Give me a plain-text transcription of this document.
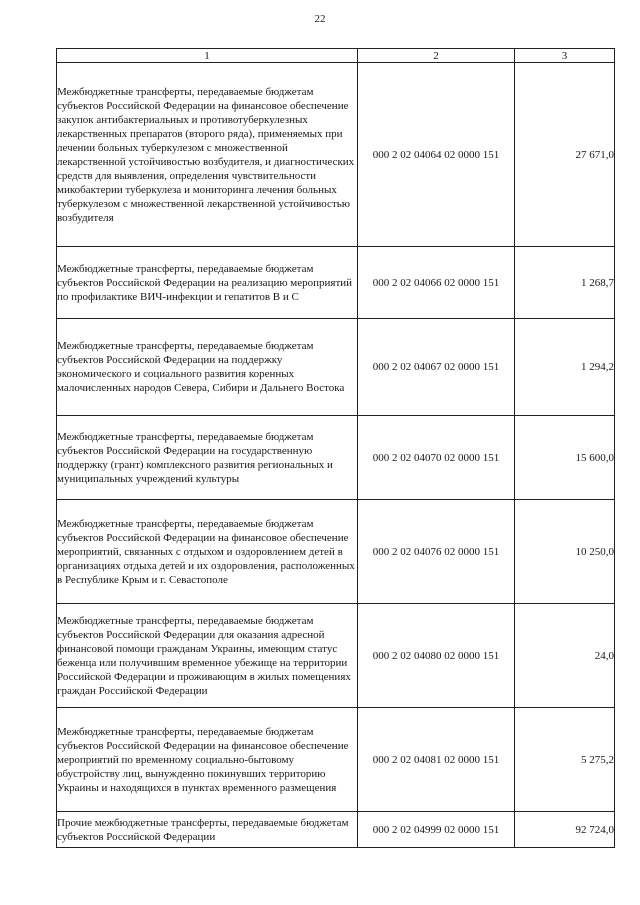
22
1	2	3
Межбюджетные трансферты, передаваемые бюджетам субъектов Российской Федерации на финансовое обеспечение закупок антибактериальных и противотуберкулезных лекарственных препаратов (второго ряда), применяемых при лечении больных туберкулезом с множественной лекарственной устойчивостью возбудителя, и диагностических средств для выявления, определения чувствительности микобактерии туберкулеза и мониторинга лечения больных туберкулезом с множественной лекарственной устойчивостью возбудителя	000 2 02 04064 02 0000 151	27 671,0
Межбюджетные трансферты, передаваемые бюджетам субъектов Российской Федерации на реализацию мероприятий по профилактике ВИЧ-инфекции и гепатитов В и С	000 2 02 04066 02 0000 151	1 268,7
Межбюджетные трансферты, передаваемые бюджетам субъектов Российской Федерации на поддержку экономического и социального развития коренных малочисленных народов Севера, Сибири и Дальнего Востока	000 2 02 04067 02 0000 151	1 294,2
Межбюджетные трансферты, передаваемые бюджетам субъектов Российской Федерации на государственную поддержку (грант) комплексного развития региональных и муниципальных учреждений культуры	000 2 02 04070 02 0000 151	15 600,0
Межбюджетные трансферты, передаваемые бюджетам субъектов Российской Федерации на финансовое обеспечение мероприятий, связанных с отдыхом и оздоровлением детей в организациях отдыха детей и их оздоровления, расположенных в Республике Крым и г. Севастополе	000 2 02 04076 02 0000 151	10 250,0
Межбюджетные трансферты, передаваемые бюджетам субъектов Российской Федерации для оказания адресной финансовой помощи гражданам Украины, имеющим статус беженца или получившим временное убежище на территории Российской Федерации и проживающим в жилых помещениях граждан Российской Федерации	000 2 02 04080 02 0000 151	24,0
Межбюджетные трансферты, передаваемые бюджетам субъектов Российской Федерации на финансовое обеспечение мероприятий по временному социально-бытовому обустройству лиц, вынужденно покинувших территорию Украины и находящихся в пунктах временного размещения	000 2 02 04081 02 0000 151	5 275,2
Прочие межбюджетные трансферты, передаваемые бюджетам субъектов Российской Федерации	000 2 02 04999 02 0000 151	92 724,0
